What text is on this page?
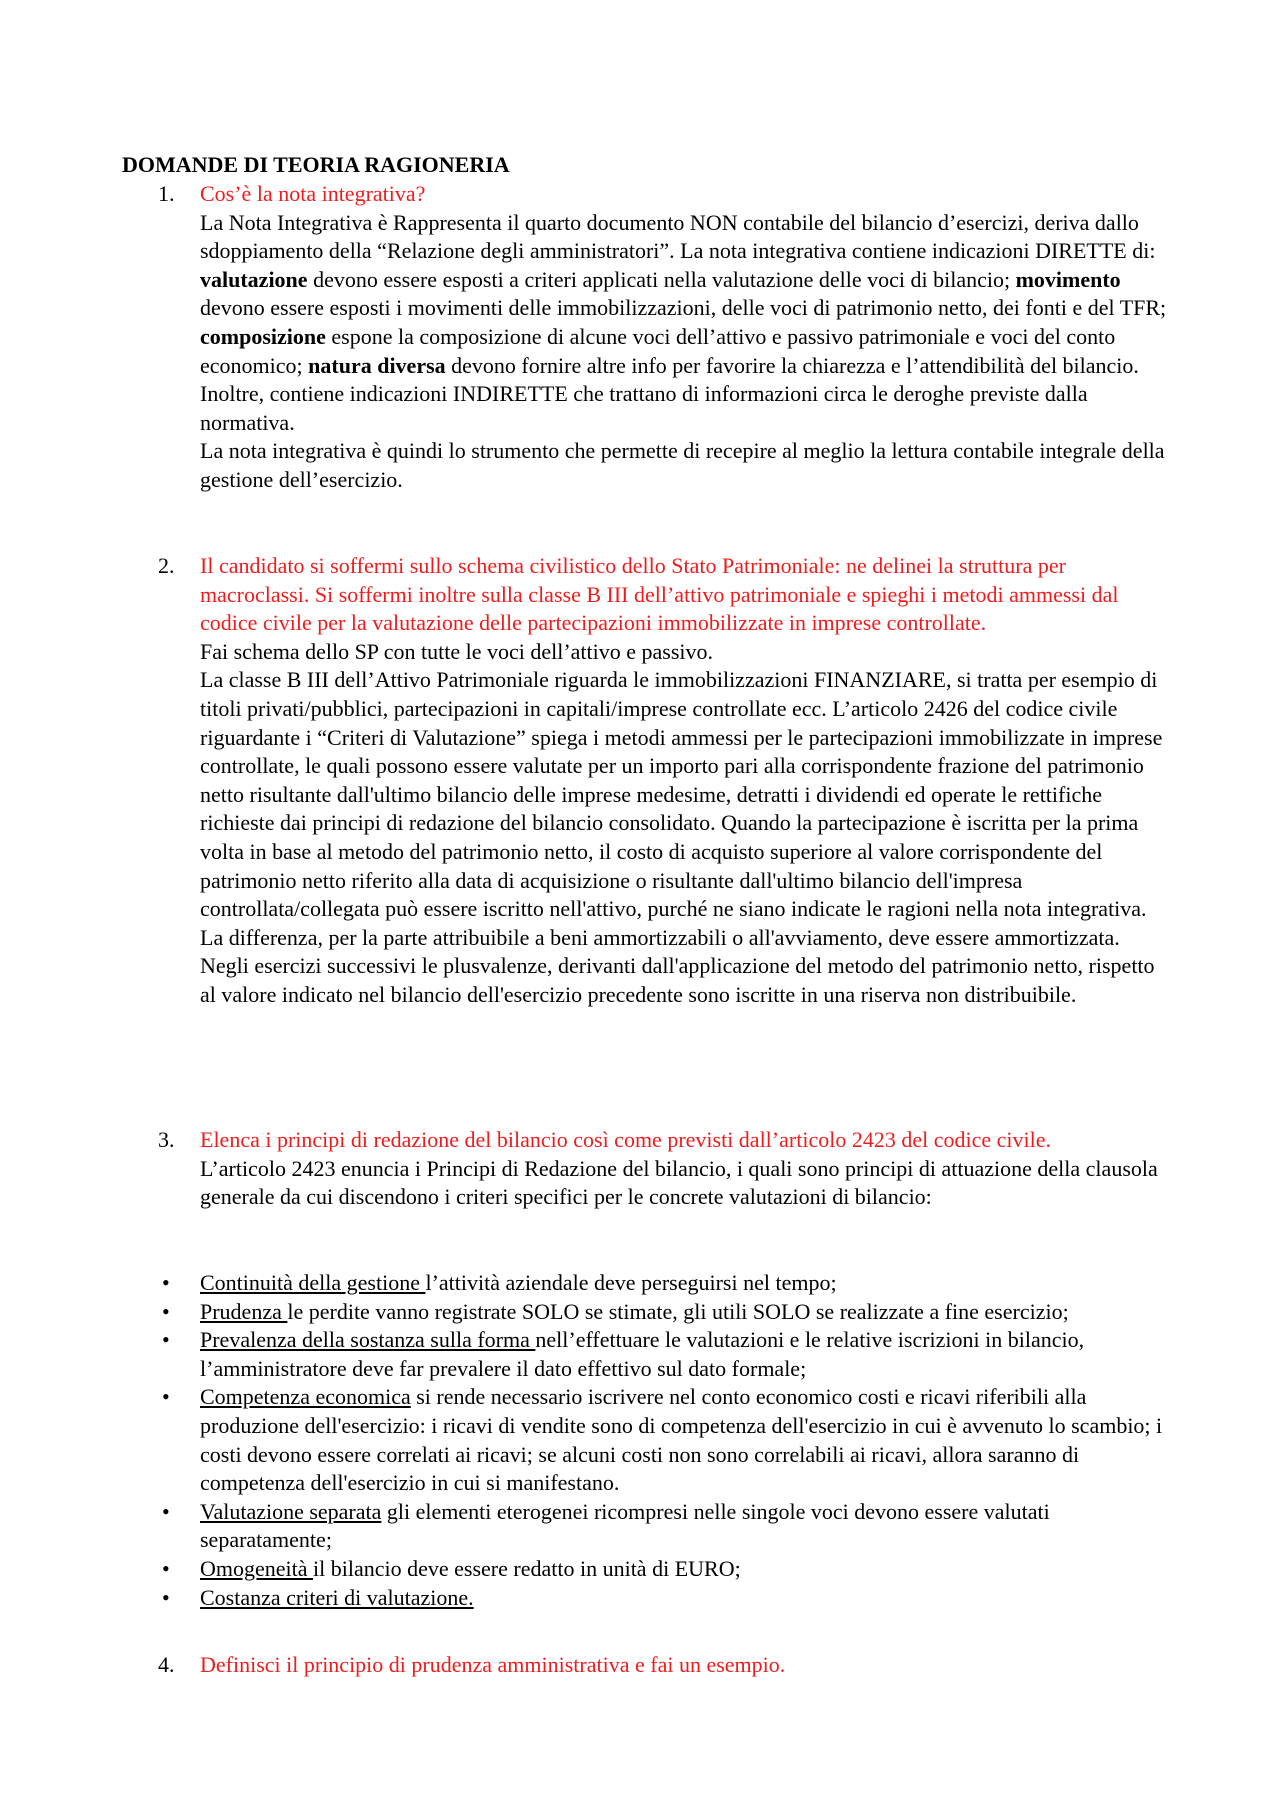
DOMANDE DI TEORIA RAGIONERIA
1. Cos’è la nota integrativa?

La Nota Integrativa è Rappresenta il quarto documento NON contabile del bilancio d’esercizi, deriva dallo sdoppiamento della “Relazione degli amministratori”. La nota integrativa contiene indicazioni DIRETTE di: valutazione devono essere esposti a criteri applicati nella valutazione delle voci di bilancio; movimento devono essere esposti i movimenti delle immobilizzazioni, delle voci di patrimonio netto, dei fonti e del TFR; composizione espone la composizione di alcune voci dell’attivo e passivo patrimoniale e voci del conto economico; natura diversa devono fornire altre info per favorire la chiarezza e l’attendibilità del bilancio.

Inoltre, contiene indicazioni INDIRETTE che trattano di informazioni circa le deroghe previste dalla normativa.

La nota integrativa è quindi lo strumento che permette di recepire al meglio la lettura contabile integrale della gestione dell’esercizio.

2. Il candidato si soffermi sullo schema civilistico dello Stato Patrimoniale: ne delinei la struttura per macroclassi. Si soffermi inoltre sulla classe B III dell’attivo patrimoniale e spieghi i metodi ammessi dal codice civile per la valutazione delle partecipazioni immobilizzate in imprese controllate.

Fai schema dello SP con tutte le voci dell’attivo e passivo.

La classe B III dell’Attivo Patrimoniale riguarda le immobilizzazioni FINANZIARE, si tratta per esempio di titoli privati/pubblici, partecipazioni in capitali/imprese controllate ecc. L’articolo 2426 del codice civile riguardante i “Criteri di Valutazione” spiega i metodi ammessi per le partecipazioni immobilizzate in imprese controllate, le quali possono essere valutate per un importo pari alla corrispondente frazione del patrimonio netto risultante dall'ultimo bilancio delle imprese medesime, detratti i dividendi ed operate le rettifiche richieste dai principi di redazione del bilancio consolidato. Quando la partecipazione è iscritta per la prima volta in base al metodo del patrimonio netto, il costo di acquisto superiore al valore corrispondente del patrimonio netto riferito alla data di acquisizione o risultante dall'ultimo bilancio dell'impresa controllata/collegata può essere iscritto nell'attivo, purché ne siano indicate le ragioni nella nota integrativa. La differenza, per la parte attribuibile a beni ammortizzabili o all'avviamento, deve essere ammortizzata. Negli esercizi successivi le plusvalenze, derivanti dall'applicazione del metodo del patrimonio netto, rispetto al valore indicato nel bilancio dell'esercizio precedente sono iscritte in una riserva non distribuibile.

3. Elenca i principi di redazione del bilancio così come previsti dall’articolo 2423 del codice civile.

L’articolo 2423 enuncia i Principi di Redazione del bilancio, i quali sono principi di attuazione della clausola generale da cui discendono i criteri specifici per le concrete valutazioni di bilancio:

• Continuità della gestione l’attività aziendale deve perseguirsi nel tempo;

• Prudenza le perdite vanno registrate SOLO se stimate, gli utili SOLO se realizzate a fine esercizio;

• Prevalenza della sostanza sulla forma nell’effettuare le valutazioni e le relative iscrizioni in bilancio, l’amministratore deve far prevalere il dato effettivo sul dato formale;

• Competenza economica si rende necessario iscrivere nel conto economico costi e ricavi riferibili alla produzione dell'esercizio: i ricavi di vendite sono di competenza dell'esercizio in cui è avvenuto lo scambio; i costi devono essere correlati ai ricavi; se alcuni costi non sono correlabili ai ricavi, allora saranno di competenza dell'esercizio in cui si manifestano.

• Valutazione separata gli elementi eterogenei ricompresi nelle singole voci devono essere valutati separatamente;

• Omogeneità il bilancio deve essere redatto in unità di EURO;

• Costanza criteri di valutazione.

4. Definisci il principio di prudenza amministrativa e fai un esempio.
